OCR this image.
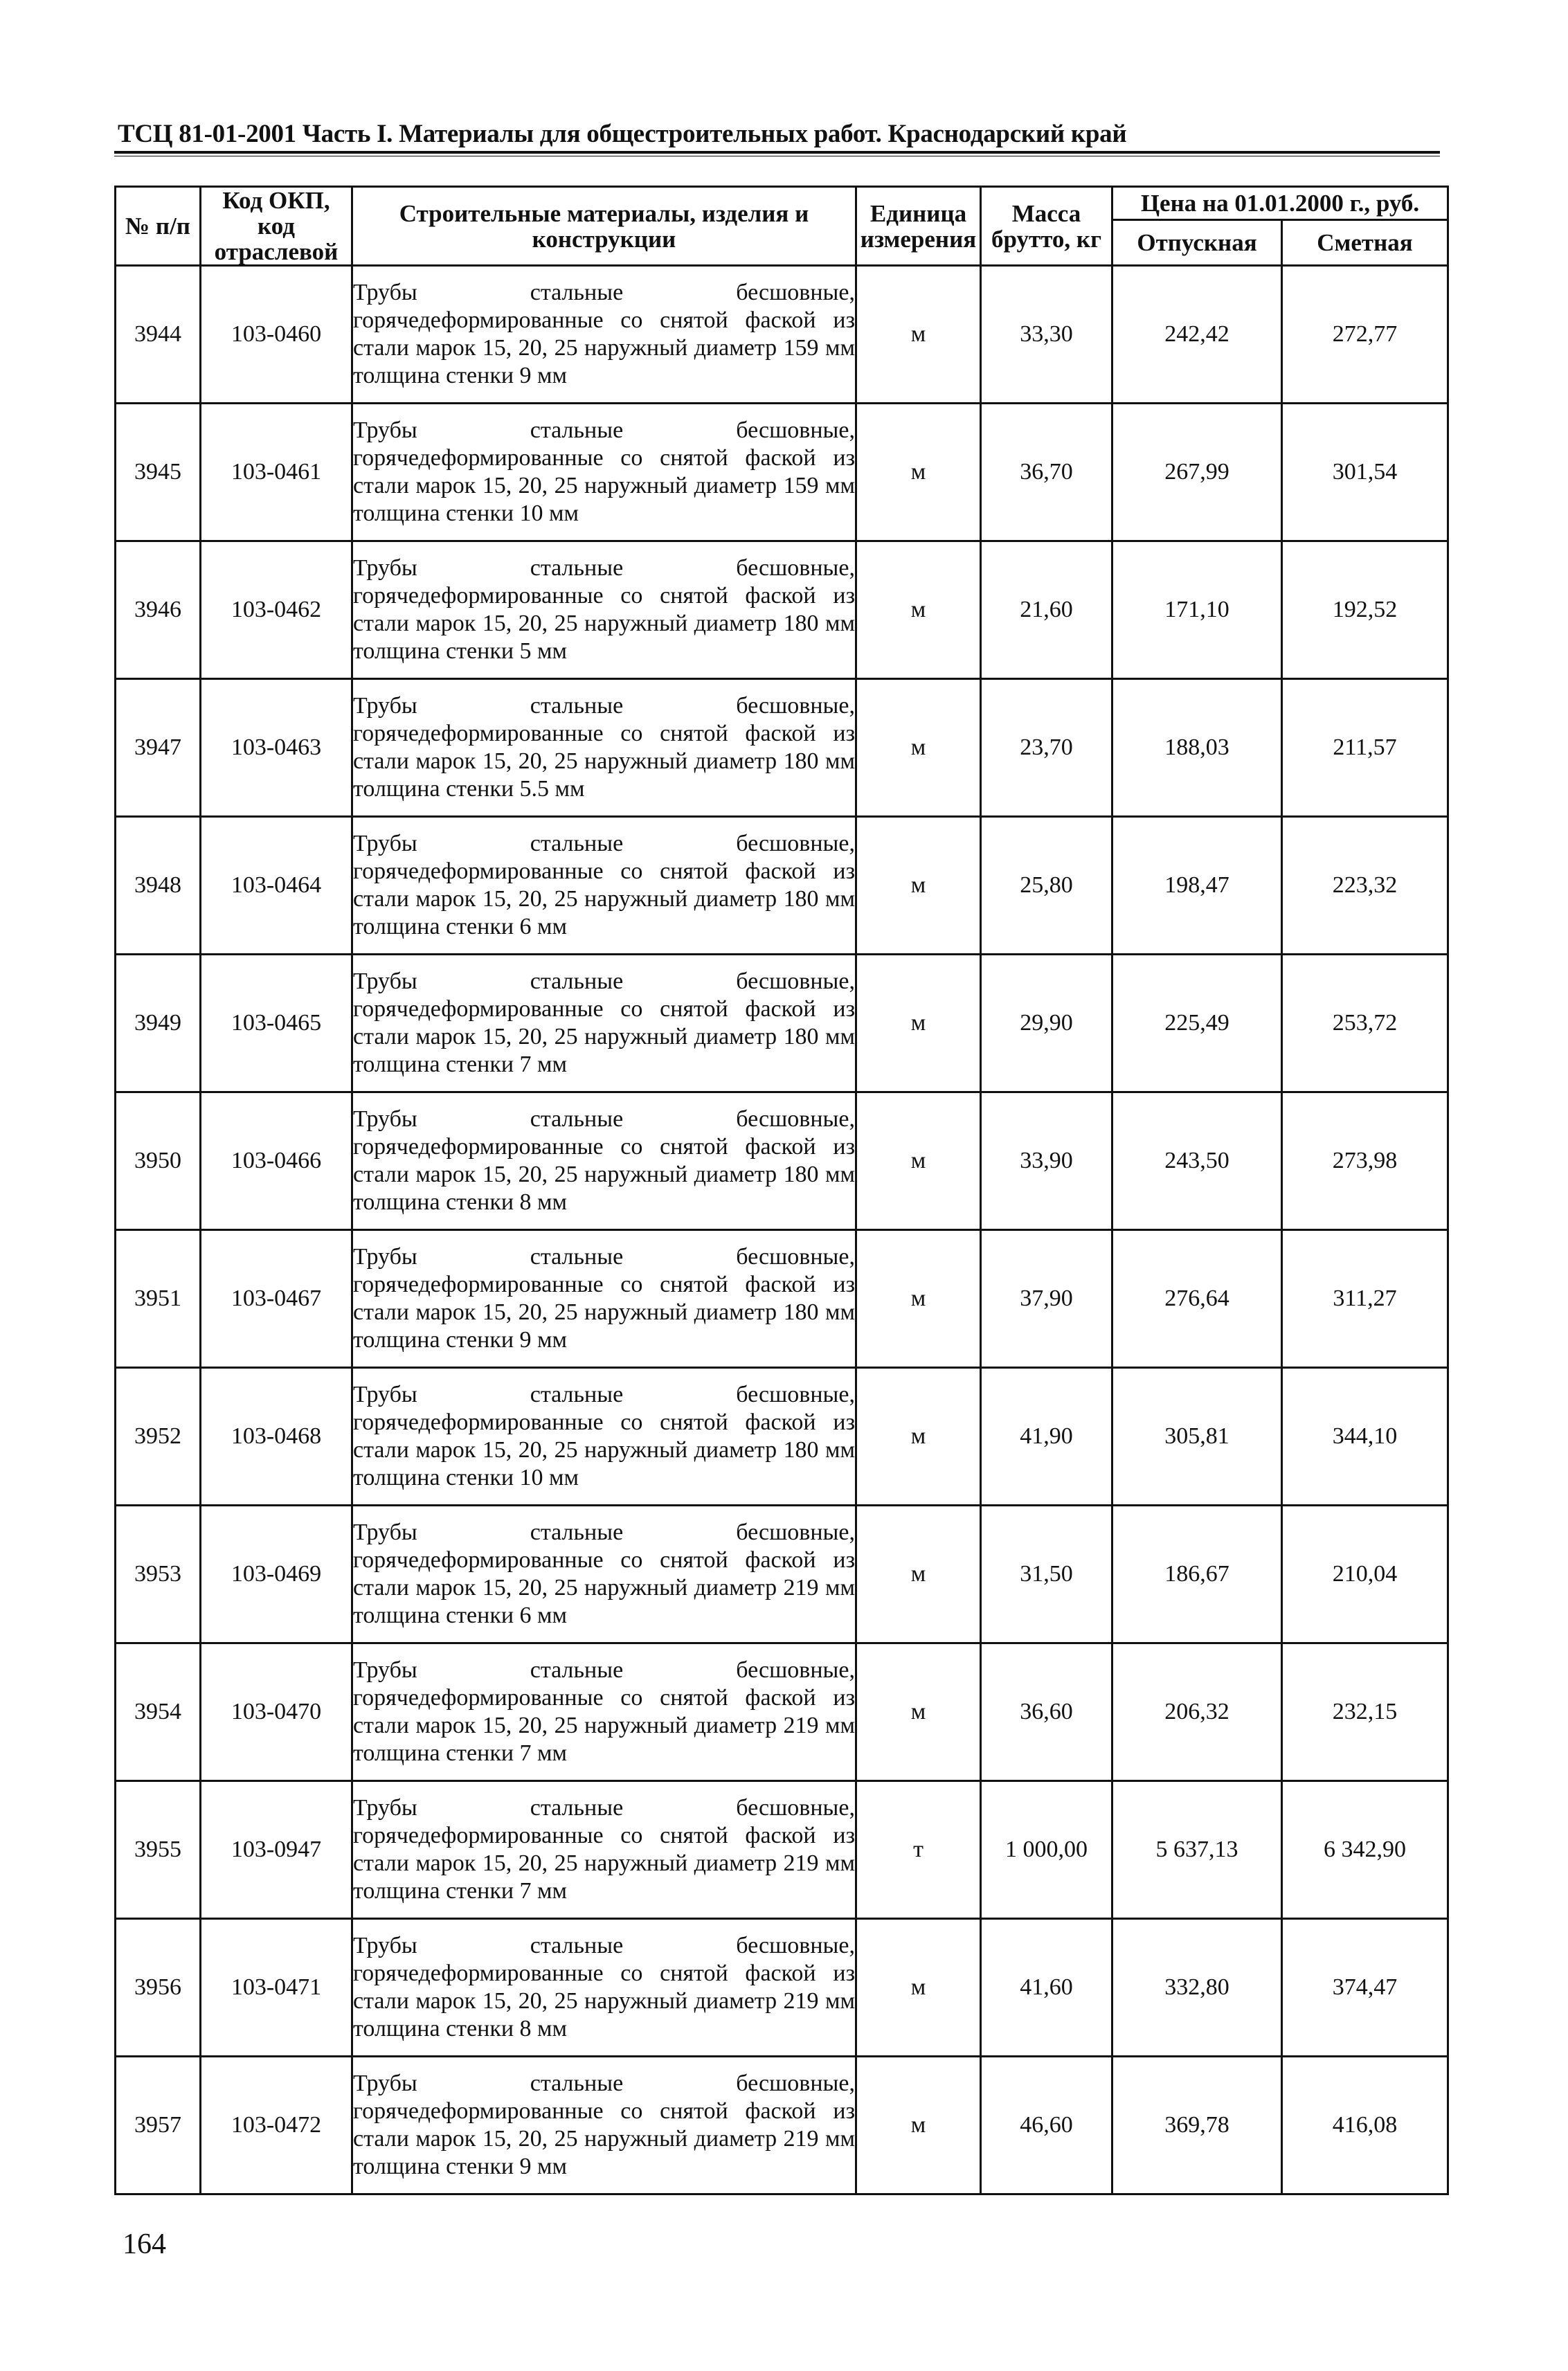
ТСЦ 81-01-2001 Часть I. Материалы для общестроительных работ. Краснодарский край
№ п/п	Код ОКП, код отраслевой	Строительные материалы, изделия и конструкции	Единица измерения	Масса брутто, кг	Цена на 01.01.2000 г., руб.	
					Отпускная	Сметная
3944	103-0460	Трубы стальные бесшовные, горячедеформированные со снятой фаской из стали марок 15, 20, 25 наружный диаметр 159 мм толщина стенки 9 мм	м	33,30	242,42	272,77
3945	103-0461	Трубы стальные бесшовные, горячедеформированные со снятой фаской из стали марок 15, 20, 25 наружный диаметр 159 мм толщина стенки 10 мм	м	36,70	267,99	301,54
3946	103-0462	Трубы стальные бесшовные, горячедеформированные со снятой фаской из стали марок 15, 20, 25 наружный диаметр 180 мм толщина стенки 5 мм	м	21,60	171,10	192,52
3947	103-0463	Трубы стальные бесшовные, горячедеформированные со снятой фаской из стали марок 15, 20, 25 наружный диаметр 180 мм толщина стенки 5.5 мм	м	23,70	188,03	211,57
3948	103-0464	Трубы стальные бесшовные, горячедеформированные со снятой фаской из стали марок 15, 20, 25 наружный диаметр 180 мм толщина стенки 6 мм	м	25,80	198,47	223,32
3949	103-0465	Трубы стальные бесшовные, горячедеформированные со снятой фаской из стали марок 15, 20, 25 наружный диаметр 180 мм толщина стенки 7 мм	м	29,90	225,49	253,72
3950	103-0466	Трубы стальные бесшовные, горячедеформированные со снятой фаской из стали марок 15, 20, 25 наружный диаметр 180 мм толщина стенки 8 мм	м	33,90	243,50	273,98
3951	103-0467	Трубы стальные бесшовные, горячедеформированные со снятой фаской из стали марок 15, 20, 25 наружный диаметр 180 мм толщина стенки 9 мм	м	37,90	276,64	311,27
3952	103-0468	Трубы стальные бесшовные, горячедеформированные со снятой фаской из стали марок 15, 20, 25 наружный диаметр 180 мм толщина стенки 10 мм	м	41,90	305,81	344,10
3953	103-0469	Трубы стальные бесшовные, горячедеформированные со снятой фаской из стали марок 15, 20, 25 наружный диаметр 219 мм толщина стенки 6 мм	м	31,50	186,67	210,04
3954	103-0470	Трубы стальные бесшовные, горячедеформированные со снятой фаской из стали марок 15, 20, 25 наружный диаметр 219 мм толщина стенки 7 мм	м	36,60	206,32	232,15
3955	103-0947	Трубы стальные бесшовные, горячедеформированные со снятой фаской из стали марок 15, 20, 25 наружный диаметр 219 мм толщина стенки 7 мм	т	1 000,00	5 637,13	6 342,90
3956	103-0471	Трубы стальные бесшовные, горячедеформированные со снятой фаской из стали марок 15, 20, 25 наружный диаметр 219 мм толщина стенки 8 мм	м	41,60	332,80	374,47
3957	103-0472	Трубы стальные бесшовные, горячедеформированные со снятой фаской из стали марок 15, 20, 25 наружный диаметр 219 мм толщина стенки 9 мм	м	46,60	369,78	416,08
164
